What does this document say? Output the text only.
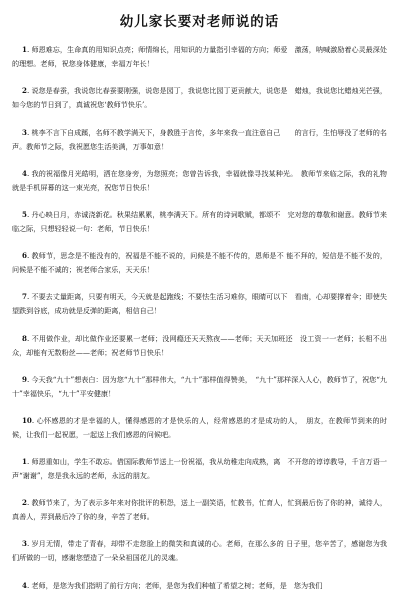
幼儿家长要对老师说的话
1. 师恩难忘，生命真的用知识点亮；师情绵长，用知识的力量指引幸福的方向；师爱　激荡，呐喊激励着心灵最深处的理想。老师，祝您身体健康，幸福万年长！
2. 说您是春蚕，我说您比春蚕要刚强，说您是园丁，我说您比园丁更贡献大，说您是　蜡烛，我说您比蜡烛光芒强，如今您的节日到了，真诚祝您‘教师节快乐’。
3. 桃李不言下自成蹊，名师不教学满天下，身教胜于言传，多年来我一直注意自己　　的言行，生怕辱没了老师的名声。教师节之际，我祝愿您生活美满，万事如意！
4. 我的祝福像月光皓明，洒在您身旁，为您照亮；您曾告诉我，幸福就像寻找某种光。　教师节来临之际，我的礼物就是手机屏幕的这一束光亮，祝您节日快乐！
5. 丹心映日月，赤诚浇新花。秋果结累累，桃李满天下。所有的诗词歌赋，都颂不　完对您的尊敬和谢意。教师节来临之际，只想轻轻说一句：老师，节日快乐！
6. 教师节，思念是不能没有的，祝福是不能不说的，问候是不能不传的，恩师是不 能不拜的，短信是不能不发的，问候是不能不诚的；祝老师合家乐，天天乐！
7. 不要去丈量距离，只要有明天，今天就是起跑线；不要怯生活习难你，眼睛可以下　看南，心却要撑着伞；即使失望跌到谷底，成功就是反弹的距离，相信自己！
8. 不用做作业，却比做作业还要累一老师；没网瘾还天天熬夜——老师；天天加班还　没工资一一老师；长相不出众，却能有无数粉丝——老师；祝老师节日快乐！
9. 今天我“九十”想表白：因为您“九十”那样伟大，“九十”那样值得赞美，　“九十”那样深入人心，教师节了，祝您“九十”幸福快乐，“九十”平安健康！
10. 心怀感恩的才是幸福的人，懂得感恩的才是快乐的人，经常感恩的才是成功的人，　朋友，在教师节到来的时候，让我们一起祝愿，一起送上我们感恩的问候吧。
1. 师恩重如山，学生不敢忘。借国际教师节送上一份祝福，我从幼稚走向成熟，离　不开您的谆谆教导，千言万语一声“谢谢”，您是我永远的老师，永远的朋友。
2. 教师节来了，为了表示多年来对你批评的积怨，送上一副笑语，忙教书，忙育人，忙到最后伤了你的神，诚待人，真善人，弄到最后冷了你的身，辛苦了老师。
3. 岁月无情，带走了青春，却带不走您脸上的微笑和真诚的心。老师，在那么多的 日子里，您辛苦了，感谢您为我们所做的一切，感谢您塑造了一朵朵祖国花儿的灵魂。
4. 老师，是您为我们指明了前行方向；老师，是您为我们种植了希望之树；老师，是　您为我们
